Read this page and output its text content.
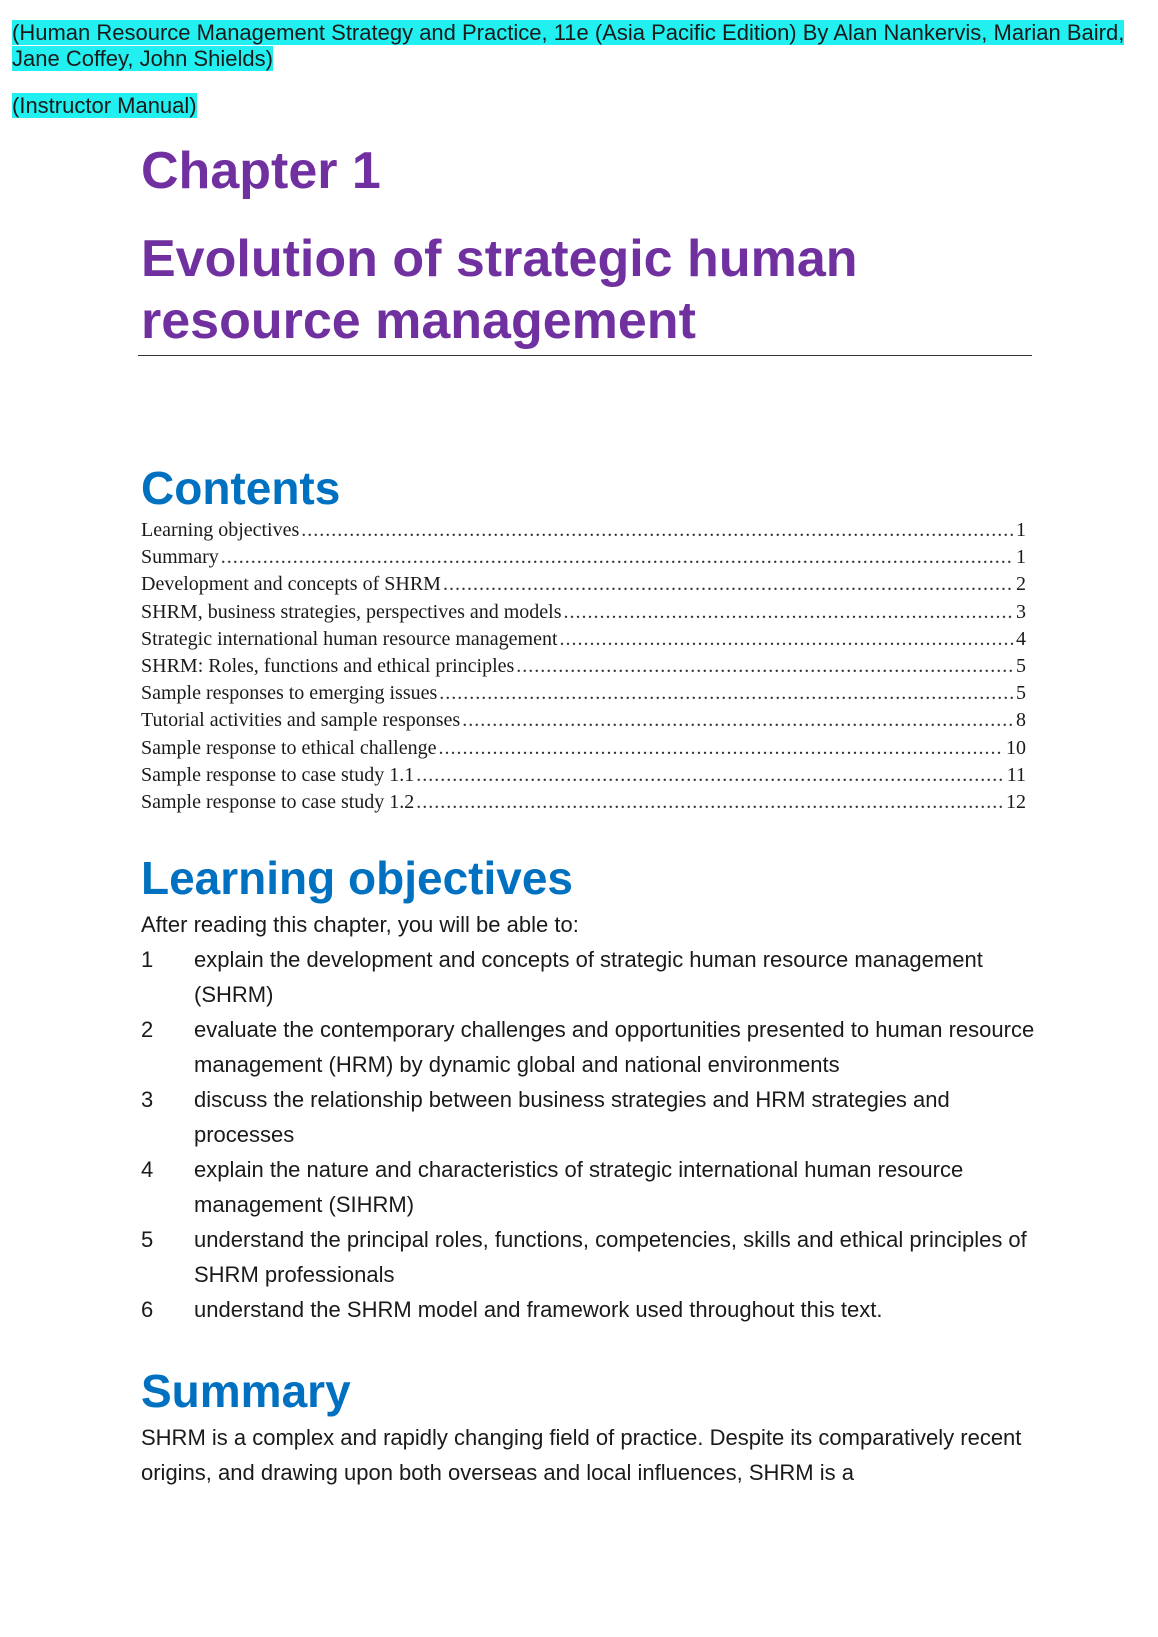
(Human Resource Management Strategy and Practice, 11e (Asia Pacific Edition) By Alan Nankervis, Marian Baird, Jane Coffey, John Shields)

(Instructor Manual)

Chapter 1
Evolution of strategic human resource management
Contents
Learning objectives .....	1
Summary .....	1
Development and concepts of SHRM .....	2
SHRM, business strategies, perspectives and models .....	3
Strategic international human resource management .....	4
SHRM: Roles, functions and ethical principles .....	5
Sample responses to emerging issues .....	5
Tutorial activities and sample responses .....	8
Sample response to ethical challenge .....	10
Sample response to case study 1.1 .....	11
Sample response to case study 1.2 .....	12
Learning objectives

After reading this chapter, you will be able to:

1	explain the development and concepts of strategic human resource management (SHRM)
2	evaluate the contemporary challenges and opportunities presented to human resource management (HRM) by dynamic global and national environments
3	discuss the relationship between business strategies and HRM strategies and processes
4	explain the nature and characteristics of strategic international human resource management (SIHRM)
5	understand the principal roles, functions, competencies, skills and ethical principles of SHRM professionals
6	understand the SHRM model and framework used throughout this text.
Summary

SHRM is a complex and rapidly changing field of practice. Despite its comparatively recent origins, and drawing upon both overseas and local influences, SHRM is a
